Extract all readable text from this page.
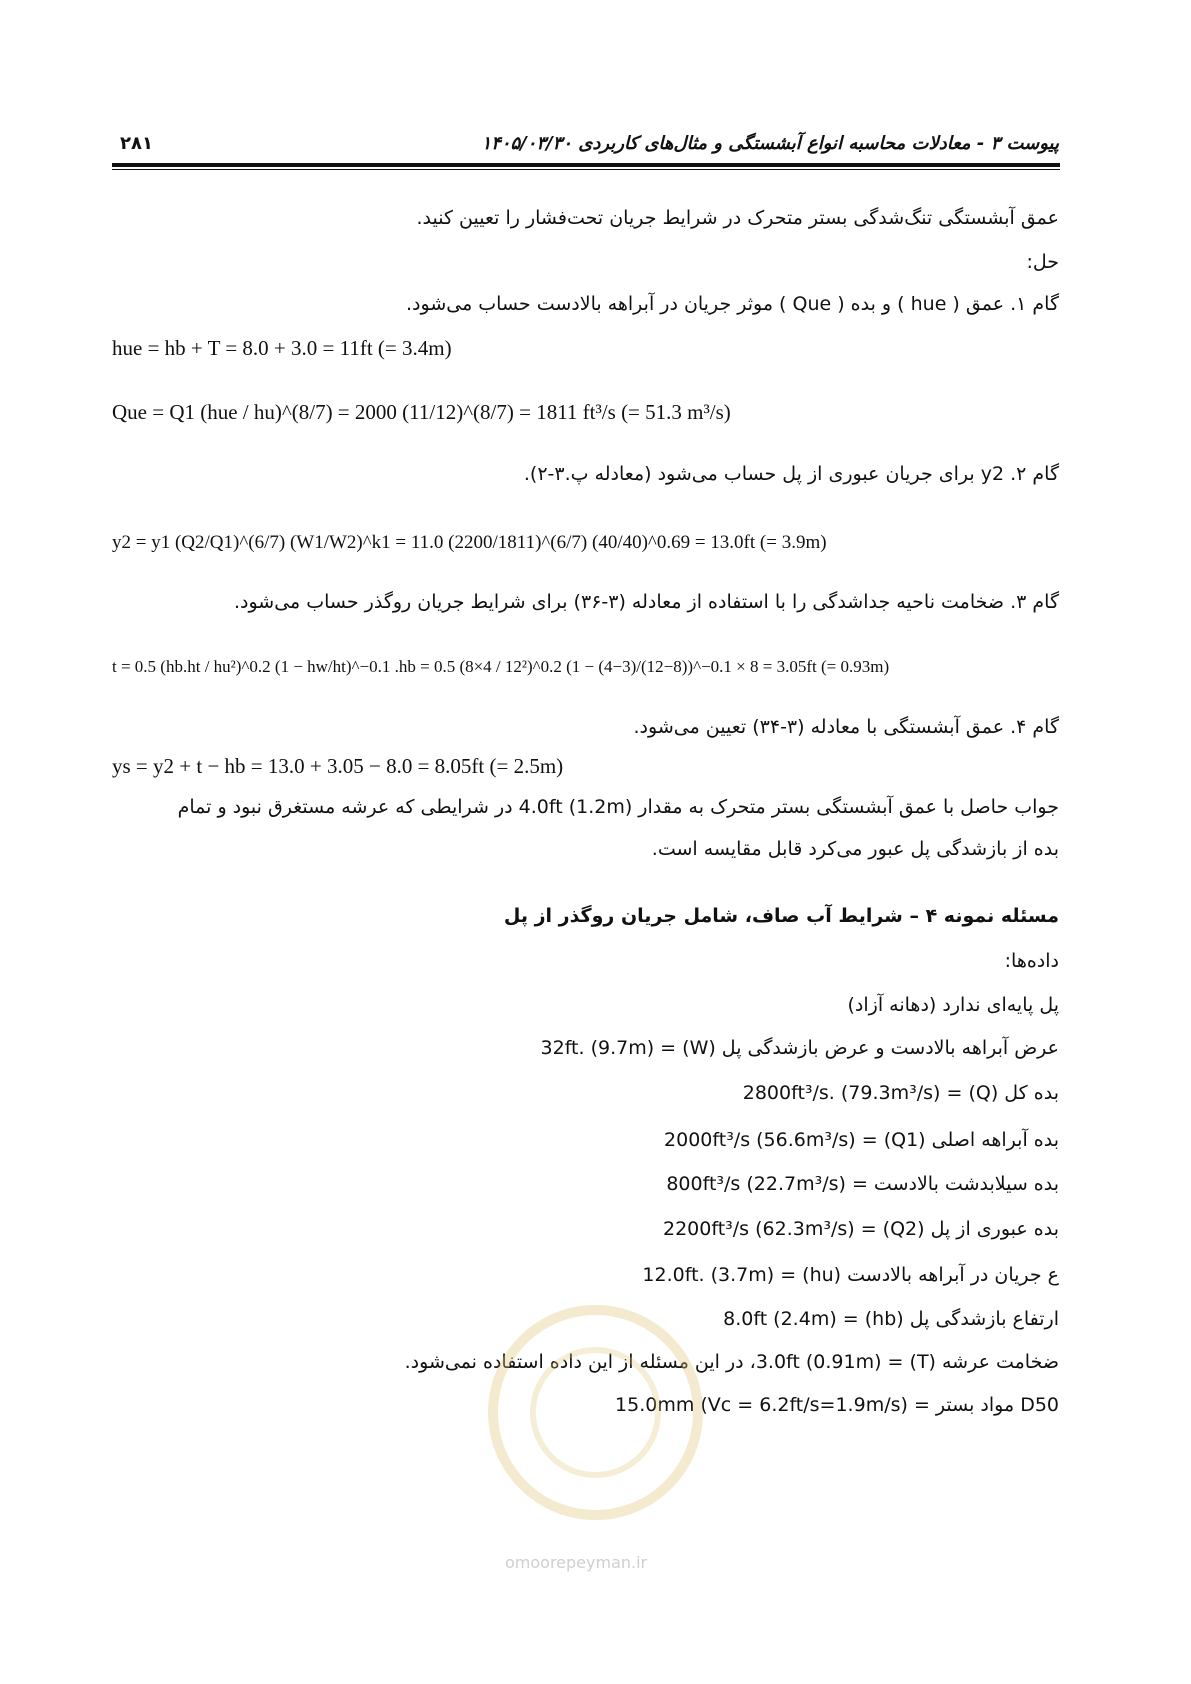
پیوست ۳ - معادلات محاسبه انواع آبشستگی و مثال‌های کاربردی ۱۴۰۵/۰۳/۳۰
۲۸۱
عمق آبشستگی تنگ‌شدگی بستر متحرک در شرایط جریان تحت‌فشار را تعیین کنید.
حل:
گام ۱. عمق ( hue ) و بده ( Que ) موثر جریان در آبراهه بالادست حساب می‌شود.
hue = hb + T = 8.0 + 3.0 = 11ft (= 3.4m)
Que = Q1 (hue / hu)^(8/7) = 2000 (11/12)^(8/7) = 1811 ft³/s (= 51.3 m³/s)
گام ۲. y2 برای جریان عبوری از پل حساب می‌شود (معادله پ.۳-۲).
y2 = y1 (Q2/Q1)^(6/7) (W1/W2)^k1 = 11.0 (2200/1811)^(6/7) (40/40)^0.69 = 13.0ft (= 3.9m)
گام ۳. ضخامت ناحیه جداشدگی را با استفاده از معادله (۳-۳۶) برای شرایط جریان روگذر حساب می‌شود.
t = 0.5 (hb.ht / hu²)^0.2 (1 − hw/ht)^−0.1 .hb = 0.5 (8×4 / 12²)^0.2 (1 − (4−3)/(12−8))^−0.1 × 8 = 3.05ft (= 0.93m)
گام ۴. عمق آبشستگی با معادله (۳-۳۴) تعیین می‌شود.
ys = y2 + t − hb = 13.0 + 3.05 − 8.0 = 8.05ft (= 2.5m)
جواب حاصل با عمق آبشستگی بستر متحرک به مقدار 4.0ft (1.2m) در شرایطی که عرشه مستغرق نبود و تمام
بده از بازشدگی پل عبور می‌کرد قابل مقایسه است.
مسئله نمونه ۴ – شرایط آب صاف، شامل جریان روگذر از پل
داده‌ها:
پل پایه‌ای ندارد (دهانه آزاد)
عرض آبراهه بالادست و عرض بازشدگی پل (W) = 32ft. (9.7m)
بده کل (Q) = 2800ft³/s. (79.3m³/s)
بده آبراهه اصلی (Q1) = 2000ft³/s (56.6m³/s)
بده سیلابدشت بالادست = 800ft³/s (22.7m³/s)
بده عبوری از پل (Q2) = 2200ft³/s (62.3m³/s)
ع جریان در آبراهه بالادست (hu) = 12.0ft. (3.7m)
ارتفاع بازشدگی پل (hb) = 8.0ft (2.4m)
ضخامت عرشه (T) = 3.0ft (0.91m)، در این مسئله از این داده استفاده نمی‌شود.
D50 مواد بستر = 15.0mm (Vc = 6.2ft/s=1.9m/s)
omoorepeyman.ir
